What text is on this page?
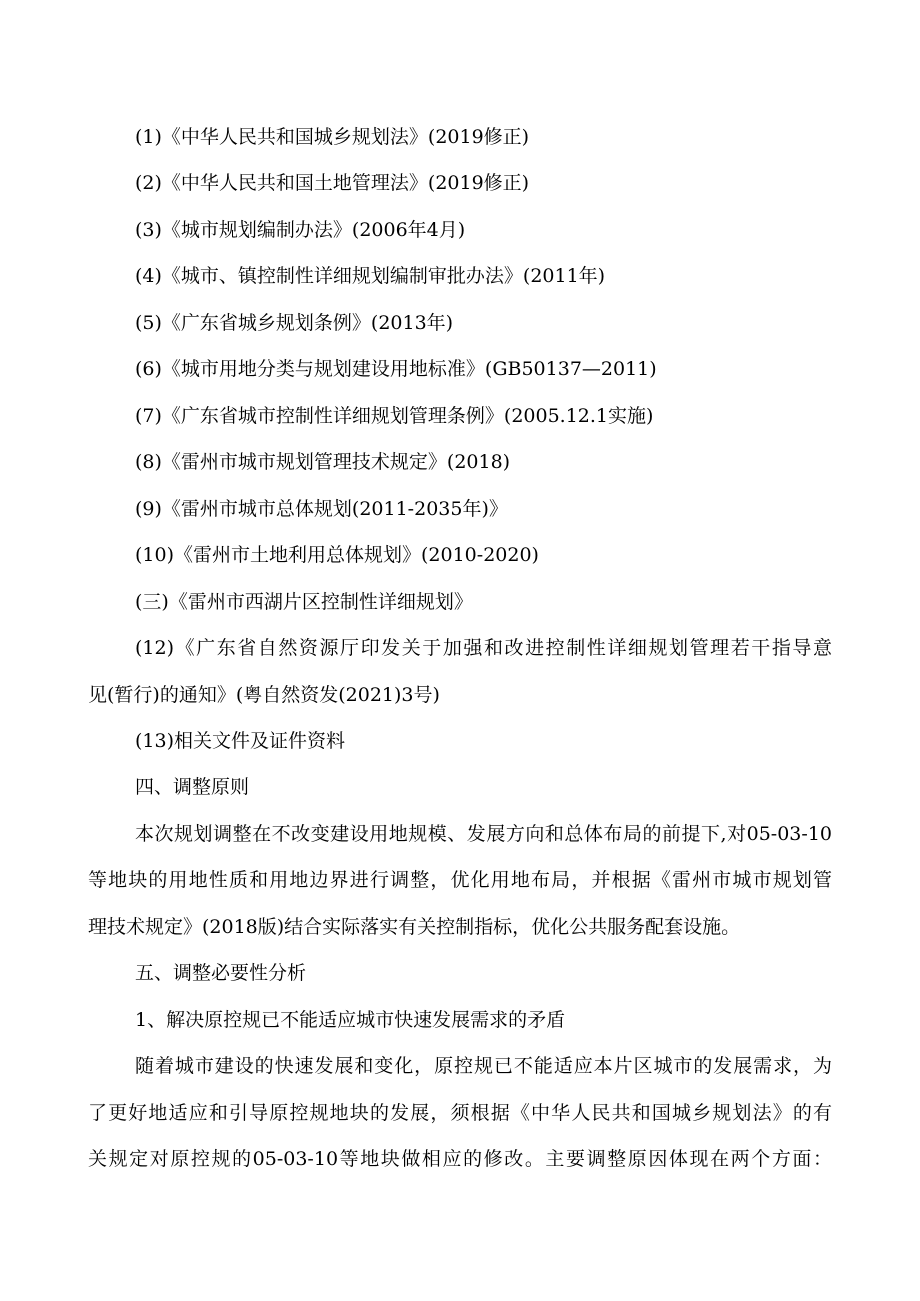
(1)《中华人民共和国城乡规划法》(2019修正)
(2)《中华人民共和国土地管理法》(2019修正)
(3)《城市规划编制办法》(2006年4月)
(4)《城市、镇控制性详细规划编制审批办法》(2011年)
(5)《广东省城乡规划条例》(2013年)
(6)《城市用地分类与规划建设用地标准》(GB50137—2011)
(7)《广东省城市控制性详细规划管理条例》(2005.12.1实施)
(8)《雷州市城市规划管理技术规定》(2018)
(9)《雷州市城市总体规划(2011-2035年)》
(10)《雷州市土地利用总体规划》(2010-2020)
(三)《雷州市西湖片区控制性详细规划》
(12)《广东省自然资源厅印发关于加强和改进控制性详细规划管理若干指导意
见(暂行)的通知》(粤自然资发(2021)3号)
(13)相关文件及证件资料
四、调整原则
本次规划调整在不改变建设用地规模、发展方向和总体布局的前提下,对05-03-10
等地块的用地性质和用地边界进行调整，优化用地布局，并根据《雷州市城市规划管
理技术规定》(2018版)结合实际落实有关控制指标，优化公共服务配套设施。
五、调整必要性分析
1、解决原控规已不能适应城市快速发展需求的矛盾
随着城市建设的快速发展和变化，原控规已不能适应本片区城市的发展需求，为
了更好地适应和引导原控规地块的发展，须根据《中华人民共和国城乡规划法》的有
关规定对原控规的05-03-10等地块做相应的修改。主要调整原因体现在两个方面：
